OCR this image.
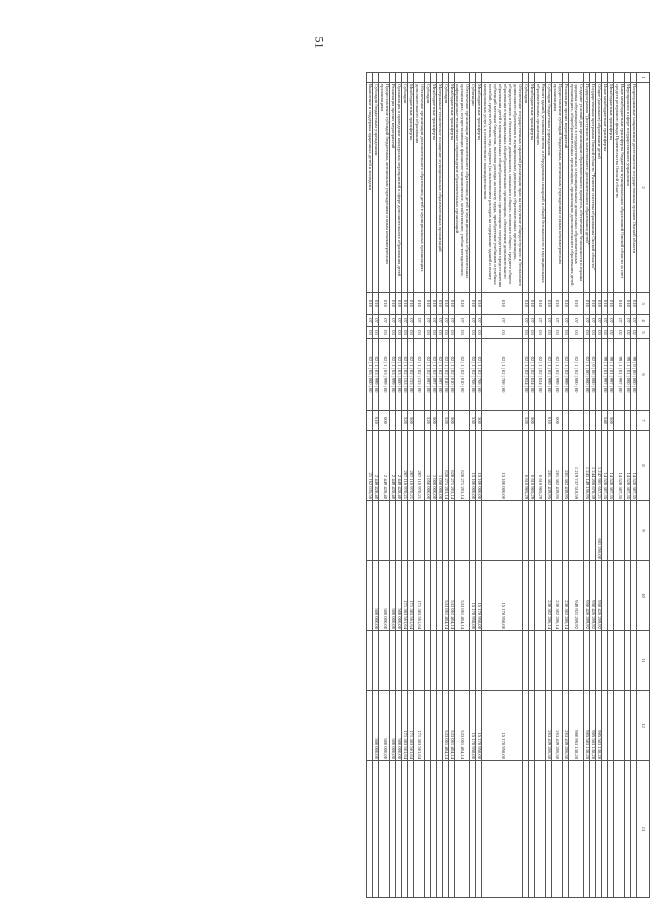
51
1	2	3	4	5	6	7	8	9	10	11	12	13
	Непрограммные направления деятельности государственных органов Омской области	010	07	02	99 | 0 | 00 | 000 | 00		14 528 387,35					
	Мероприятия в сфере государственного управления	010	07	02	99 | 1 | 01 | 000 | 00		14 528 387,35					
	Иные межбюджетные трансферты бюджетам муниципальных образований Омской области за счет средств резервного фонда Правительства Омской области	010	07	02	99 | 1 | 01 | 997 | 00		14 528 387,35					
	Межбюджетные трансферты	010	07	02	99 | 1 | 01 | 997 | 00	500	14 528 387,35					
	Иные межбюджетные трансферты	010	07	02	99 | 1 | 01 | 997 | 00	540	14 528 387,35					
	Общее (начальное) образование детей	010	07	03			1 247 981 657,21	681 266,00	950 426 209,92		985 583 138,28	
	Государственная программа Омской области "Развитие системы образования Омской области"	010	07	03	02 | 0 | 00 | 000 | 00		1 244 208 678,39		950 426 209,92		985 583 138,28	
	Подпрограмма "Доступность качественного дополнительного образования детей"	010	07	03	02 | 1 | 00 | 000 | 00		1 243 149 156,95		950 426 209,92		985 583 138,28	
	Создание условий для организации образовательного процесса, обеспечение безопасности и охраны здоровья обучающихся в государственных и муниципальных дошкольных образовательных организациях, общеобразовательных организациях, организациях дополнительного образования детей	010	07	03	02 | 1 | 02 | 000 | 00		1 219 737 518,59		949 921 209,92		980 963 138,28	
	Реализация прочих мероприятий	010	07	03	02 | 1 | 02 | 999 | 00		281 382 439,95		230 302 286,14		263 439 206,50	
	Предоставление субсидий бюджетным, автономным учреждениям и иным некоммерческим организациям	010	07	03	02 | 1 | 02 | 999 | 00	600	281 382 439,95		230 302 286,14		263 439 206,50	
	Субсидии бюджетным учреждениям	010	07	03	02 | 1 | 02 | 999 | 00	610	281 382 439,95		230 302 286,14		263 439 206,50	
	Ремонт зданий, установка систем и оборудования пожарной и общей безопасности в муниципальных образовательных организациях	010	07	03	02 | 1 | 02 | 024 | 00		6 616 905,29					
	Межбюджетные трансферты	010	07	03	02 | 1 | 02 | 024 | 00	500	6 616 905,29					
	Субсидии	010	07	03	02 | 1 | 02 | 024 | 00	520	6 616 905,29					
	Обеспечение государственных гарантий реализации прав на получение общедоступного и бесплатного дошкольного образования в муниципальных дошкольных образовательных организациях, общедоступного и бесплатного дошкольного, начального общего, основного общего, среднего общего образования в муниципальных общеобразовательных организациях, обеспечение дополнительного образования детей в муниципальных общеобразовательных организациях посредством предоставления субвенций местным бюджетам, включая расходы на оплату труда, приобретение учебников и учебных пособий, средств обучения, игр, игрушек (за исключением расходов на содержание зданий и оплату коммунальных услуг), в соответствии с законодательством	010	07	03	02 | 1 | 02 | 708 | 00		15 100 000,00		15 178 958,00		15 178 958,00	
	Межбюджетные трансферты	010	07	03	02 | 1 | 02 | 708 | 00	500	15 100 000,00		15 178 958,00		15 178 958,00	
	Субвенции	010	07	03	02 | 1 | 02 | 708 | 00	530	15 100 000,00		15 178 958,00		15 178 958,00	
	Обеспечение организации дополнительного образования детей в муниципальных образовательных организациях, осуществляющих финансово-экономическое, хозяйственное, учебно-методическое, информационно-техническое сопровождение образовательных организаций	010	07	03	02 | 1 | 02 | 010 | 00		628 271 203,14		533 061 404,14		533 061 404,14	
	Межбюджетные трансферты	010	07	03	02 | 1 | 02 | 010 | 00	500	628 271 203,14		533 061 404,14		533 061 404,14	
	Субсидии	010	07	03	02 | 1 | 02 | 010 | 00	520	628 271 203,14		533 061 404,14		533 061 404,14	
	Материально-техническое оснащение муниципальных образовательных организаций	010	07	03	02 | 1 | 02 | 097 | 00		1 050 000,00					
	Межбюджетные трансферты	010	07	03	02 | 1 | 02 | 097 | 00	500	1 000 000,00					
	Субсидии	010	07	03	02 | 1 | 02 | 097 | 00	520	1 050 000,00					
	Обеспечение организации дополнительного образования детей в муниципальных организациях дополнительного образования	010	07	03	02 | 1 | 02 | 153 | 00		287 116 970,21		171 383 561,64		171 383 561,64	
	Межбюджетные трансферты	010	07	03	02 | 1 | 02 | 153 | 00	500	287 116 970,21		171 383 561,64		171 383 561,64	
	Субсидии	010	07	03	02 | 1 | 02 | 153 | 00	520	287 116 970,21		171 383 561,64		171 383 561,64	
	Организация и проведение конкурсных мероприятий в сфере дополнительного образования детей	010	07	03	02 | 1 | 03 | 000 | 00		2 449 428,40		500 000,00		500 000,00	
	Реализация прочих мероприятий	010	07	03	02 | 1 | 03 | 999 | 00		2 449 428,40		500 000,00		500 000,00	
	Предоставление субсидий бюджетным, автономным учреждениям и иным некоммерческим организациям	010	07	03	02 | 1 | 03 | 999 | 00	600	2 449 428,40		500 000,00		500 000,00	
	Субсидии бюджетным учреждениям	010	07	03	02 | 1 | 03 | 999 | 00	610	2 449 428,40		500 000,00		500 000,00	
	Выявление и поддержка одаренных детей и молодежи	010	07	03	02 | 1 | 05 | 000 | 00		21 162 035,56					
